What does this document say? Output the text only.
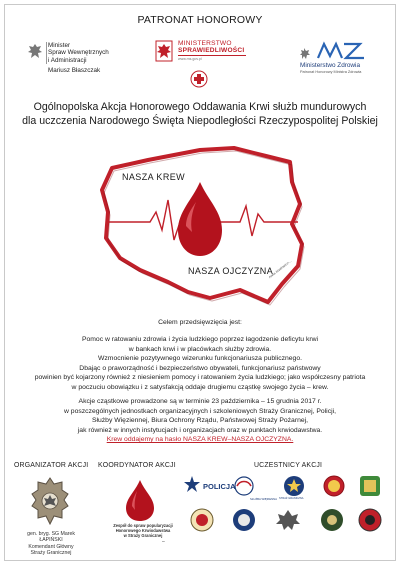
PATRONAT HONOROWY
Minister
Spraw Wewnętrznych
i Administracji
Mariusz Błaszczak
MINISTERSTWO
SPRAWIEDLIWOŚCI
www.ms.gov.pl
Ministerstwo Zdrowia
Patronat Honorowy Ministra Zdrowia
Ogólnopolska Akcja Honorowego Oddawania Krwi służb mundurowych
dla uczczenia Narodowego Święta Niepodległości Rzeczypospolitej Polskiej
NASZA KREW
NASZA OJCZYZNA
Anna Józefowicz-...
Celem przedsięwzięcia jest:
Pomoc w ratowaniu zdrowia i życia ludzkiego poprzez łagodzenie deficytu krwi
w bankach krwi i w placówkach służby zdrowia.
Wzmocnienie pozytywnego wizerunku funkcjonariusza publicznego.
Dbając o praworządność i bezpieczeństwo obywateli, funkcjonariusz państwowy
powinien być kojarzony również z niesieniem pomocy i ratowaniem życia ludzkiego; jako współczesny patriota
w poczuciu obowiązku i z satysfakcją oddaje drugiemu cząstkę swojego życia – krew.
Akcje cząstkowe prowadzone są w terminie 23 października – 15 grudnia 2017 r.
w poszczególnych jednostkach organizacyjnych i szkoleniowych Straży Granicznej, Policji,
Służby Więziennej, Biura Ochrony Rządu, Państwowej Straży Pożarnej,
jak również w innych instytucjach i organizacjach oraz w punktach krwiodawstwa.
Krew oddajemy na hasło NASZA KREW–NASZA OJCZYZNA.
ORGANIZATOR AKCJI KOORDYNATOR AKCJI	UCZESTNICY AKCJI
gen. bryg. SG Marek ŁAPIŃSKI
Komendant Główny
Straży Granicznej
Zespół do spraw popularyzacji
Honorowego Krwiodawstwa
w Straży Granicznej
–
POLICJA
SŁUŻBA WIĘZIENNA STRAŻ GRANICZNA
